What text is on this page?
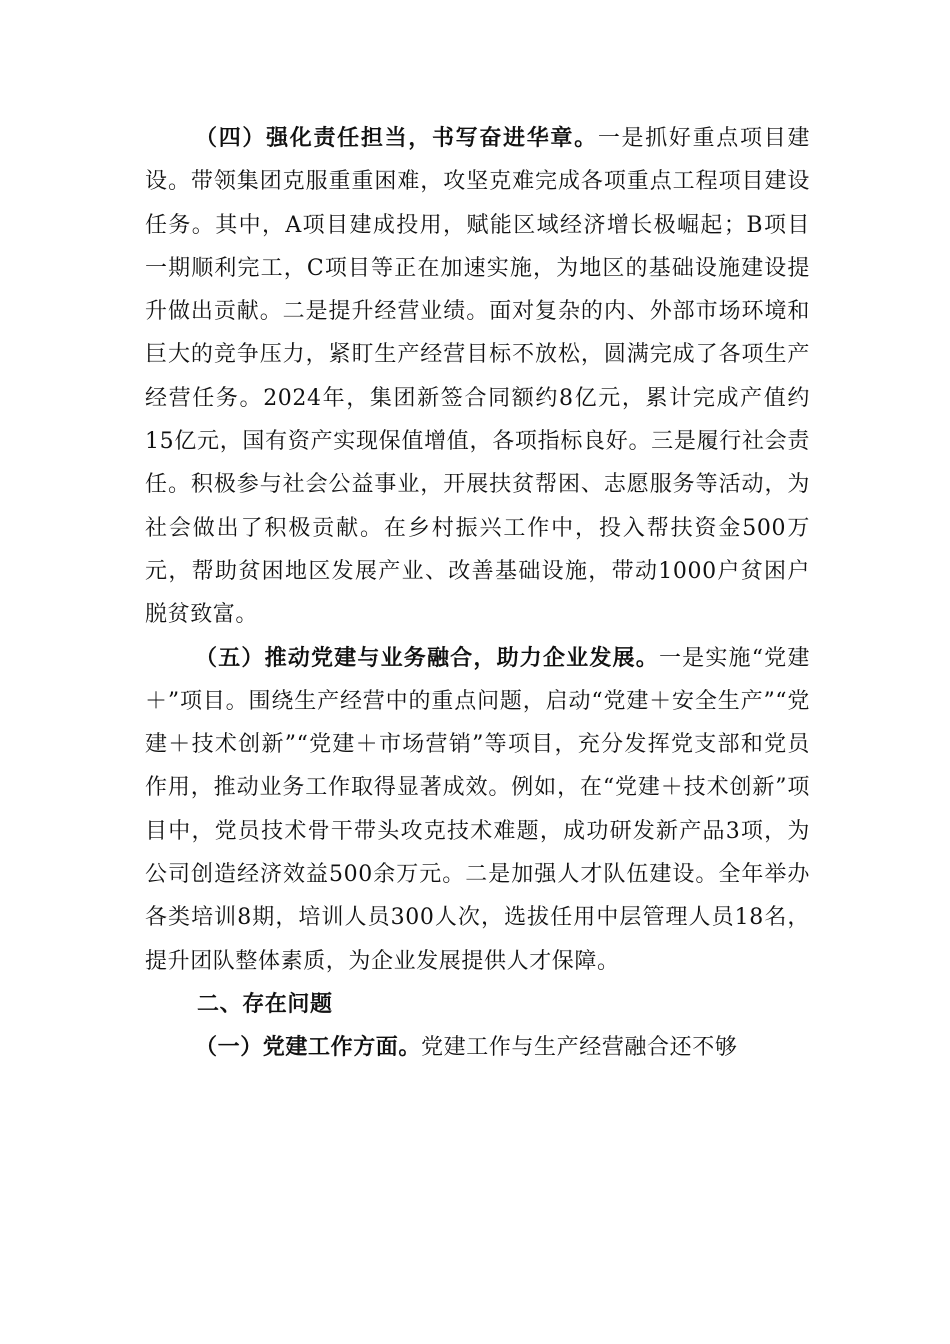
（四）强化责任担当，书写奋进华章。一是抓好重点项目建设。带领集团克服重重困难，攻坚克难完成各项重点工程项目建设任务。其中，A项目建成投用，赋能区域经济增长极崛起；B项目一期顺利完工，C项目等正在加速实施，为地区的基础设施建设提升做出贡献。二是提升经营业绩。面对复杂的内、外部市场环境和巨大的竞争压力，紧盯生产经营目标不放松，圆满完成了各项生产经营任务。2024年，集团新签合同额约8亿元，累计完成产值约15亿元，国有资产实现保值增值，各项指标良好。三是履行社会责任。积极参与社会公益事业，开展扶贫帮困、志愿服务等活动，为社会做出了积极贡献。在乡村振兴工作中，投入帮扶资金500万元，帮助贫困地区发展产业、改善基础设施，带动1000户贫困户脱贫致富。

（五）推动党建与业务融合，助力企业发展。一是实施“党建＋”项目。围绕生产经营中的重点问题，启动“党建＋安全生产”“党建＋技术创新”“党建＋市场营销”等项目，充分发挥党支部和党员作用，推动业务工作取得显著成效。例如，在“党建＋技术创新”项目中，党员技术骨干带头攻克技术难题，成功研发新产品3项，为公司创造经济效益500余万元。二是加强人才队伍建设。全年举办各类培训8期，培训人员300人次，选拔任用中层管理人员18名，提升团队整体素质，为企业发展提供人才保障。

二、存在问题

（一）党建工作方面。党建工作与生产经营融合还不够
